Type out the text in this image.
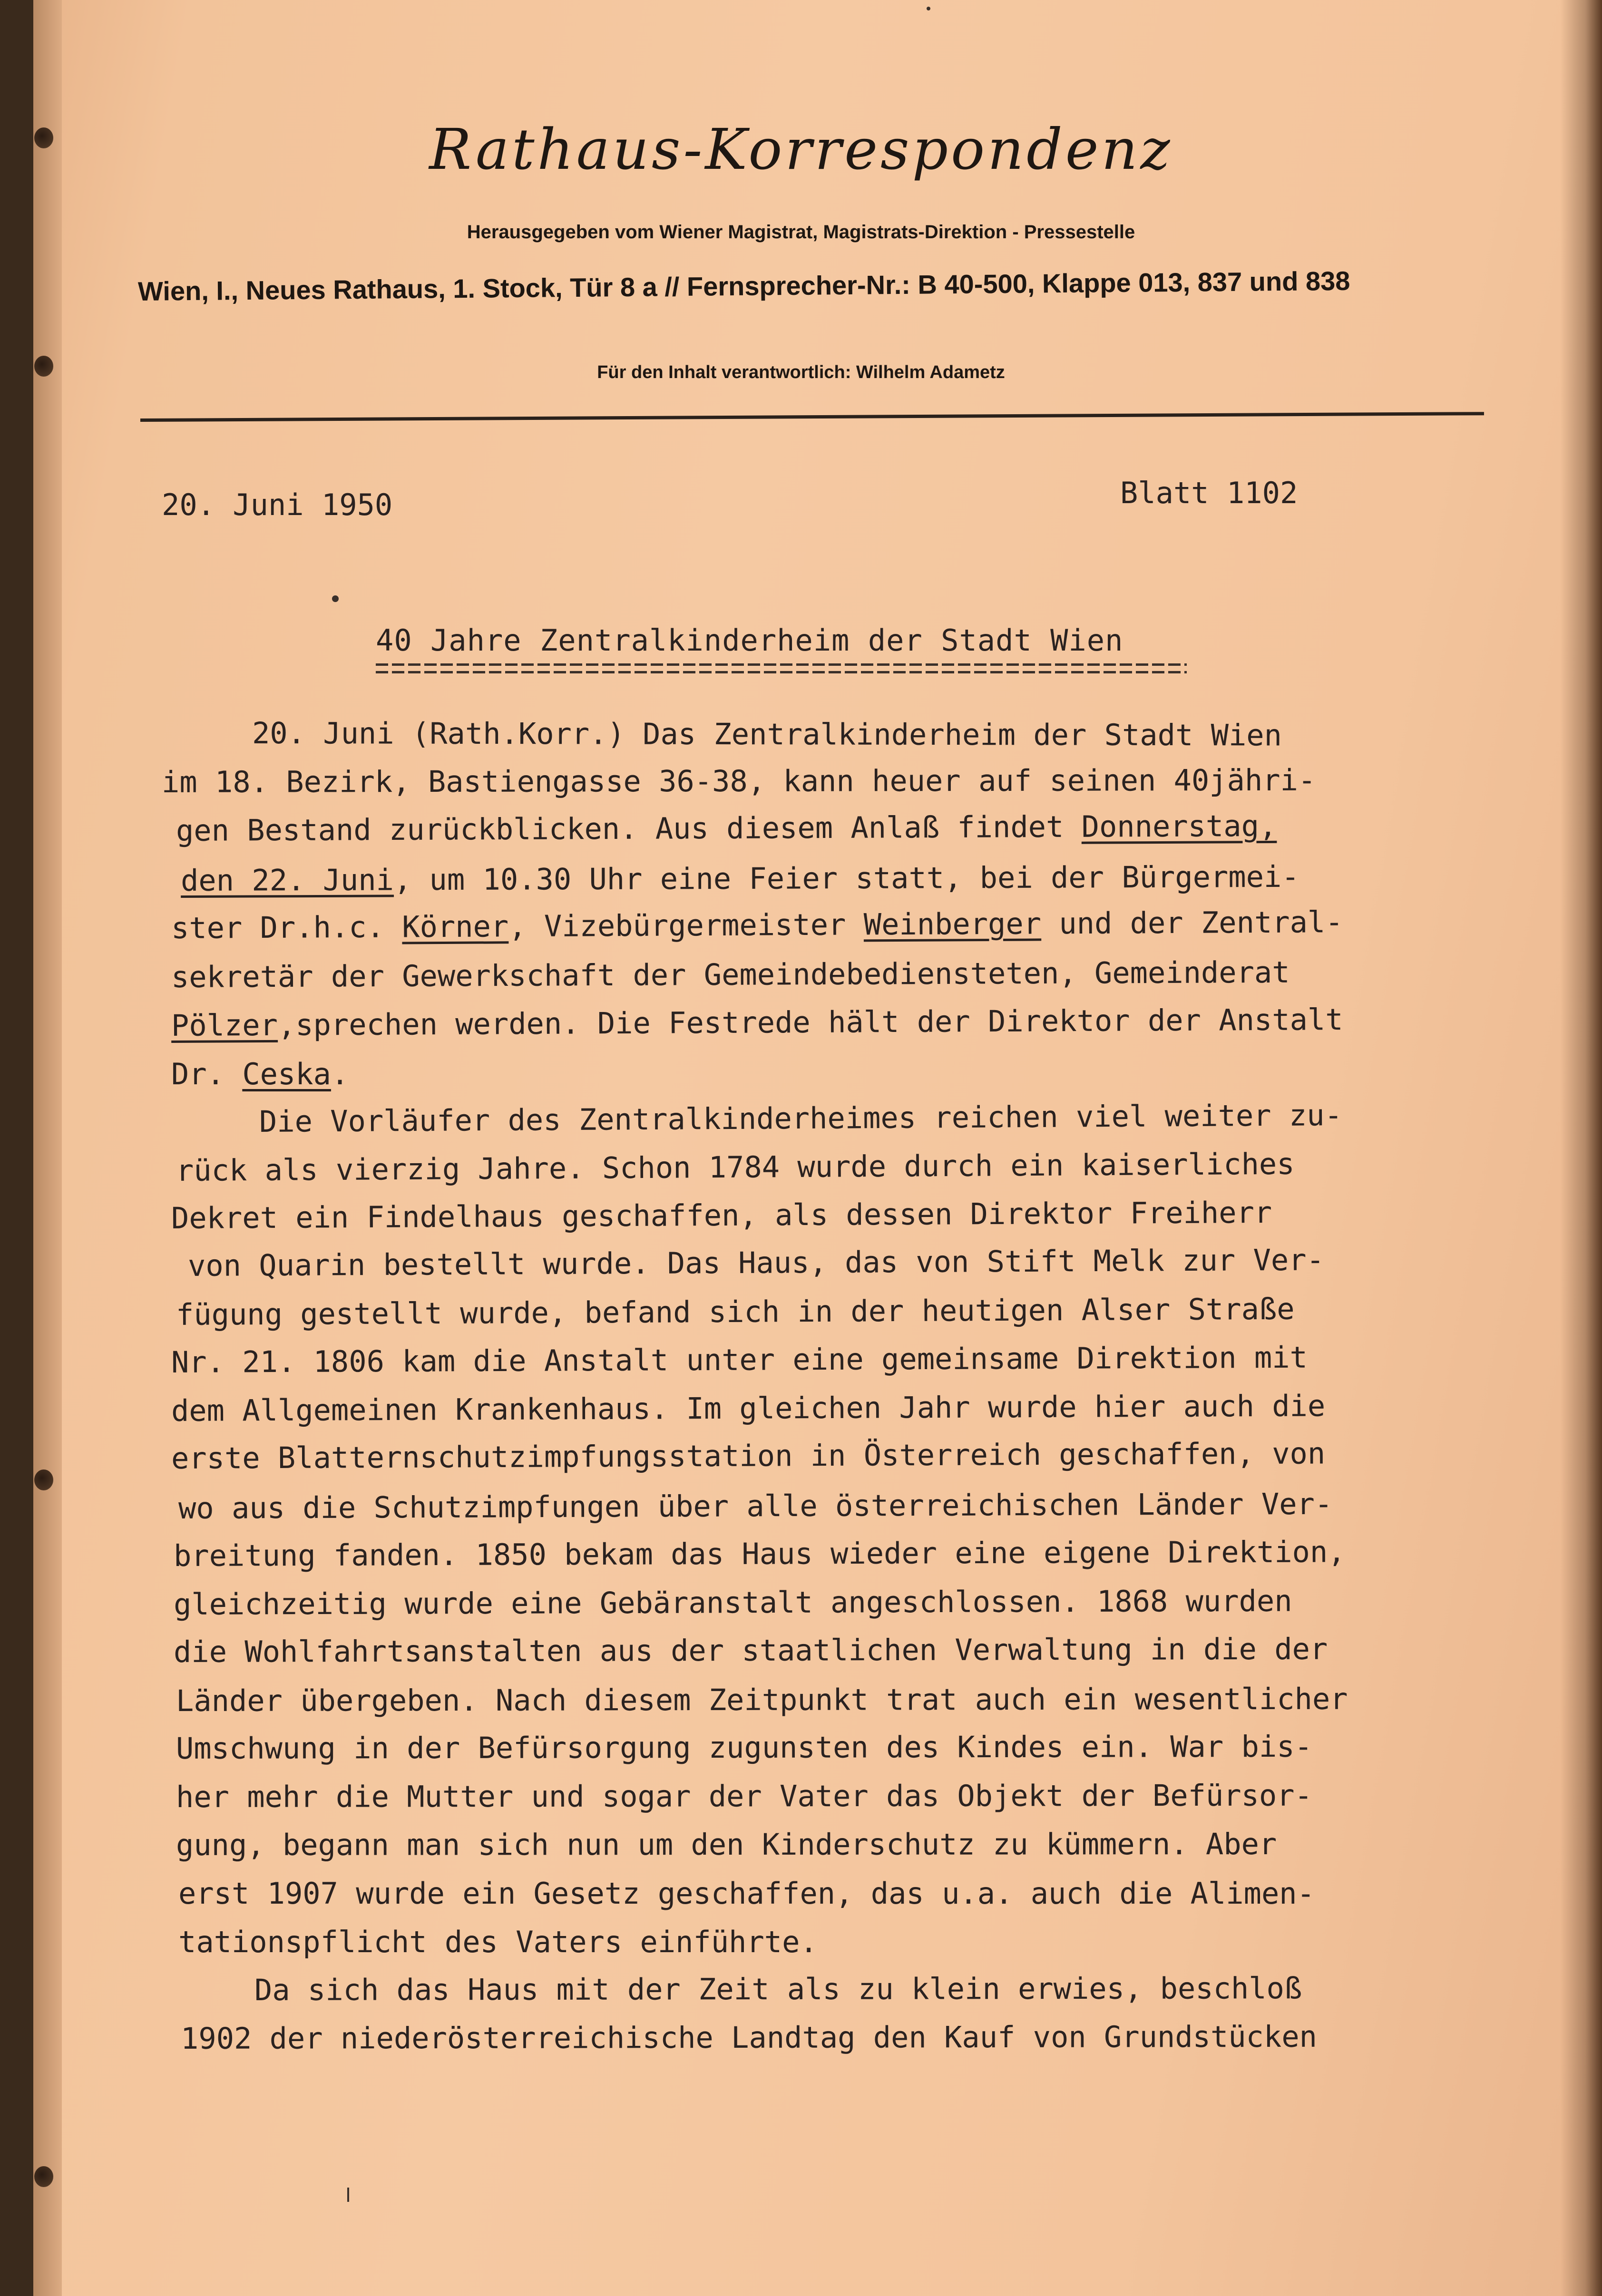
Rathaus-Korrespondenz
Herausgegeben vom Wiener Magistrat, Magistrats-Direktion - Pressestelle
Wien, I., Neues Rathaus, 1. Stock, Tür 8 a // Fernsprecher-Nr.: B 40-500, Klappe 013, 837 und 838
Für den Inhalt verantwortlich: Wilhelm Adametz
20. Juni 1950	Blatt 1102
40 Jahre Zentralkinderheim der Stadt Wien
20. Juni (Rath.Korr.) Das Zentralkinderheim der Stadt Wien
im 18. Bezirk, Bastiengasse 36-38, kann heuer auf seinen 40jähri-
gen Bestand zurückblicken. Aus diesem Anlaß findet Donnerstag,
den 22. Juni, um 10.30 Uhr eine Feier statt, bei der Bürgermei-
ster Dr.h.c. Körner, Vizebürgermeister Weinberger und der Zentral-
sekretär der Gewerkschaft der Gemeindebediensteten, Gemeinderat
Pölzer,sprechen werden. Die Festrede hält der Direktor der Anstalt
Dr. Ceska.
Die Vorläufer des Zentralkinderheimes reichen viel weiter zu-
rück als vierzig Jahre. Schon 1784 wurde durch ein kaiserliches
Dekret ein Findelhaus geschaffen, als dessen Direktor Freiherr
von Quarin bestellt wurde. Das Haus, das von Stift Melk zur Ver-
fügung gestellt wurde, befand sich in der heutigen Alser Straße
Nr. 21. 1806 kam die Anstalt unter eine gemeinsame Direktion mit
dem Allgemeinen Krankenhaus. Im gleichen Jahr wurde hier auch die
erste Blatternschutzimpfungsstation in Österreich geschaffen, von
wo aus die Schutzimpfungen über alle österreichischen Länder Ver-
breitung fanden. 1850 bekam das Haus wieder eine eigene Direktion,
gleichzeitig wurde eine Gebäranstalt angeschlossen. 1868 wurden
die Wohlfahrtsanstalten aus der staatlichen Verwaltung in die der
Länder übergeben. Nach diesem Zeitpunkt trat auch ein wesentlicher
Umschwung in der Befürsorgung zugunsten des Kindes ein. War bis-
her mehr die Mutter und sogar der Vater das Objekt der Befürsor-
gung, begann man sich nun um den Kinderschutz zu kümmern. Aber
erst 1907 wurde ein Gesetz geschaffen, das u.a. auch die Alimen-
tationspflicht des Vaters einführte.
Da sich das Haus mit der Zeit als zu klein erwies, beschloß
1902 der niederösterreichische Landtag den Kauf von Grundstücken
